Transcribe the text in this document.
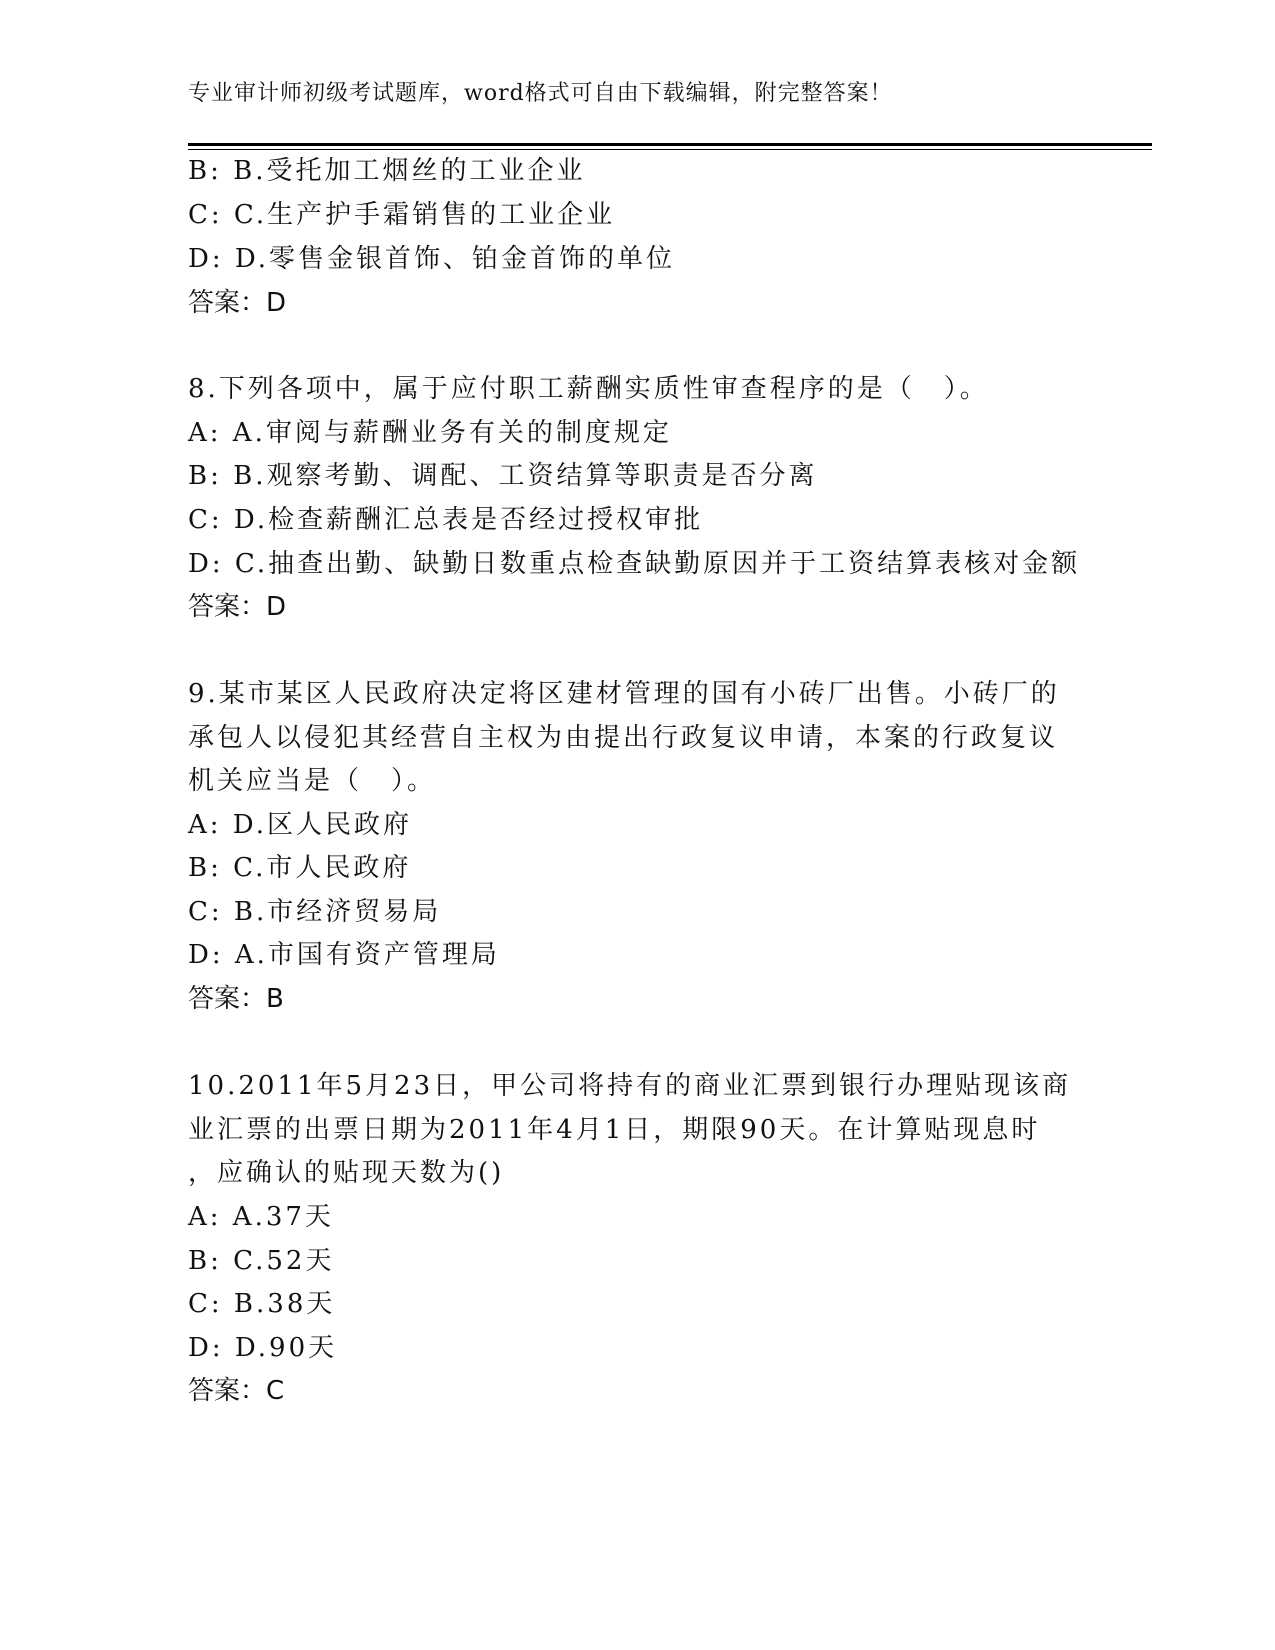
专业审计师初级考试题库，word格式可自由下载编辑，附完整答案！
B: B.受托加工烟丝的工业企业
C: C.生产护手霜销售的工业企业
D: D.零售金银首饰、铂金首饰的单位
答案：D
8.下列各项中，属于应付职工薪酬实质性审查程序的是（　）。
A: A.审阅与薪酬业务有关的制度规定
B: B.观察考勤、调配、工资结算等职责是否分离
C: D.检查薪酬汇总表是否经过授权审批
D: C.抽查出勤、缺勤日数重点检查缺勤原因并于工资结算表核对金额
答案：D
9.某市某区人民政府决定将区建材管理的国有小砖厂出售。小砖厂的
承包人以侵犯其经营自主权为由提出行政复议申请，本案的行政复议
机关应当是（　）。
A: D.区人民政府
B: C.市人民政府
C: B.市经济贸易局
D: A.市国有资产管理局
答案：B
10.2011年5月23日，甲公司将持有的商业汇票到银行办理贴现该商
业汇票的出票日期为2011年4月1日，期限90天。在计算贴现息时
，应确认的贴现天数为()
A: A.37天
B: C.52天
C: B.38天
D: D.90天
答案：C
